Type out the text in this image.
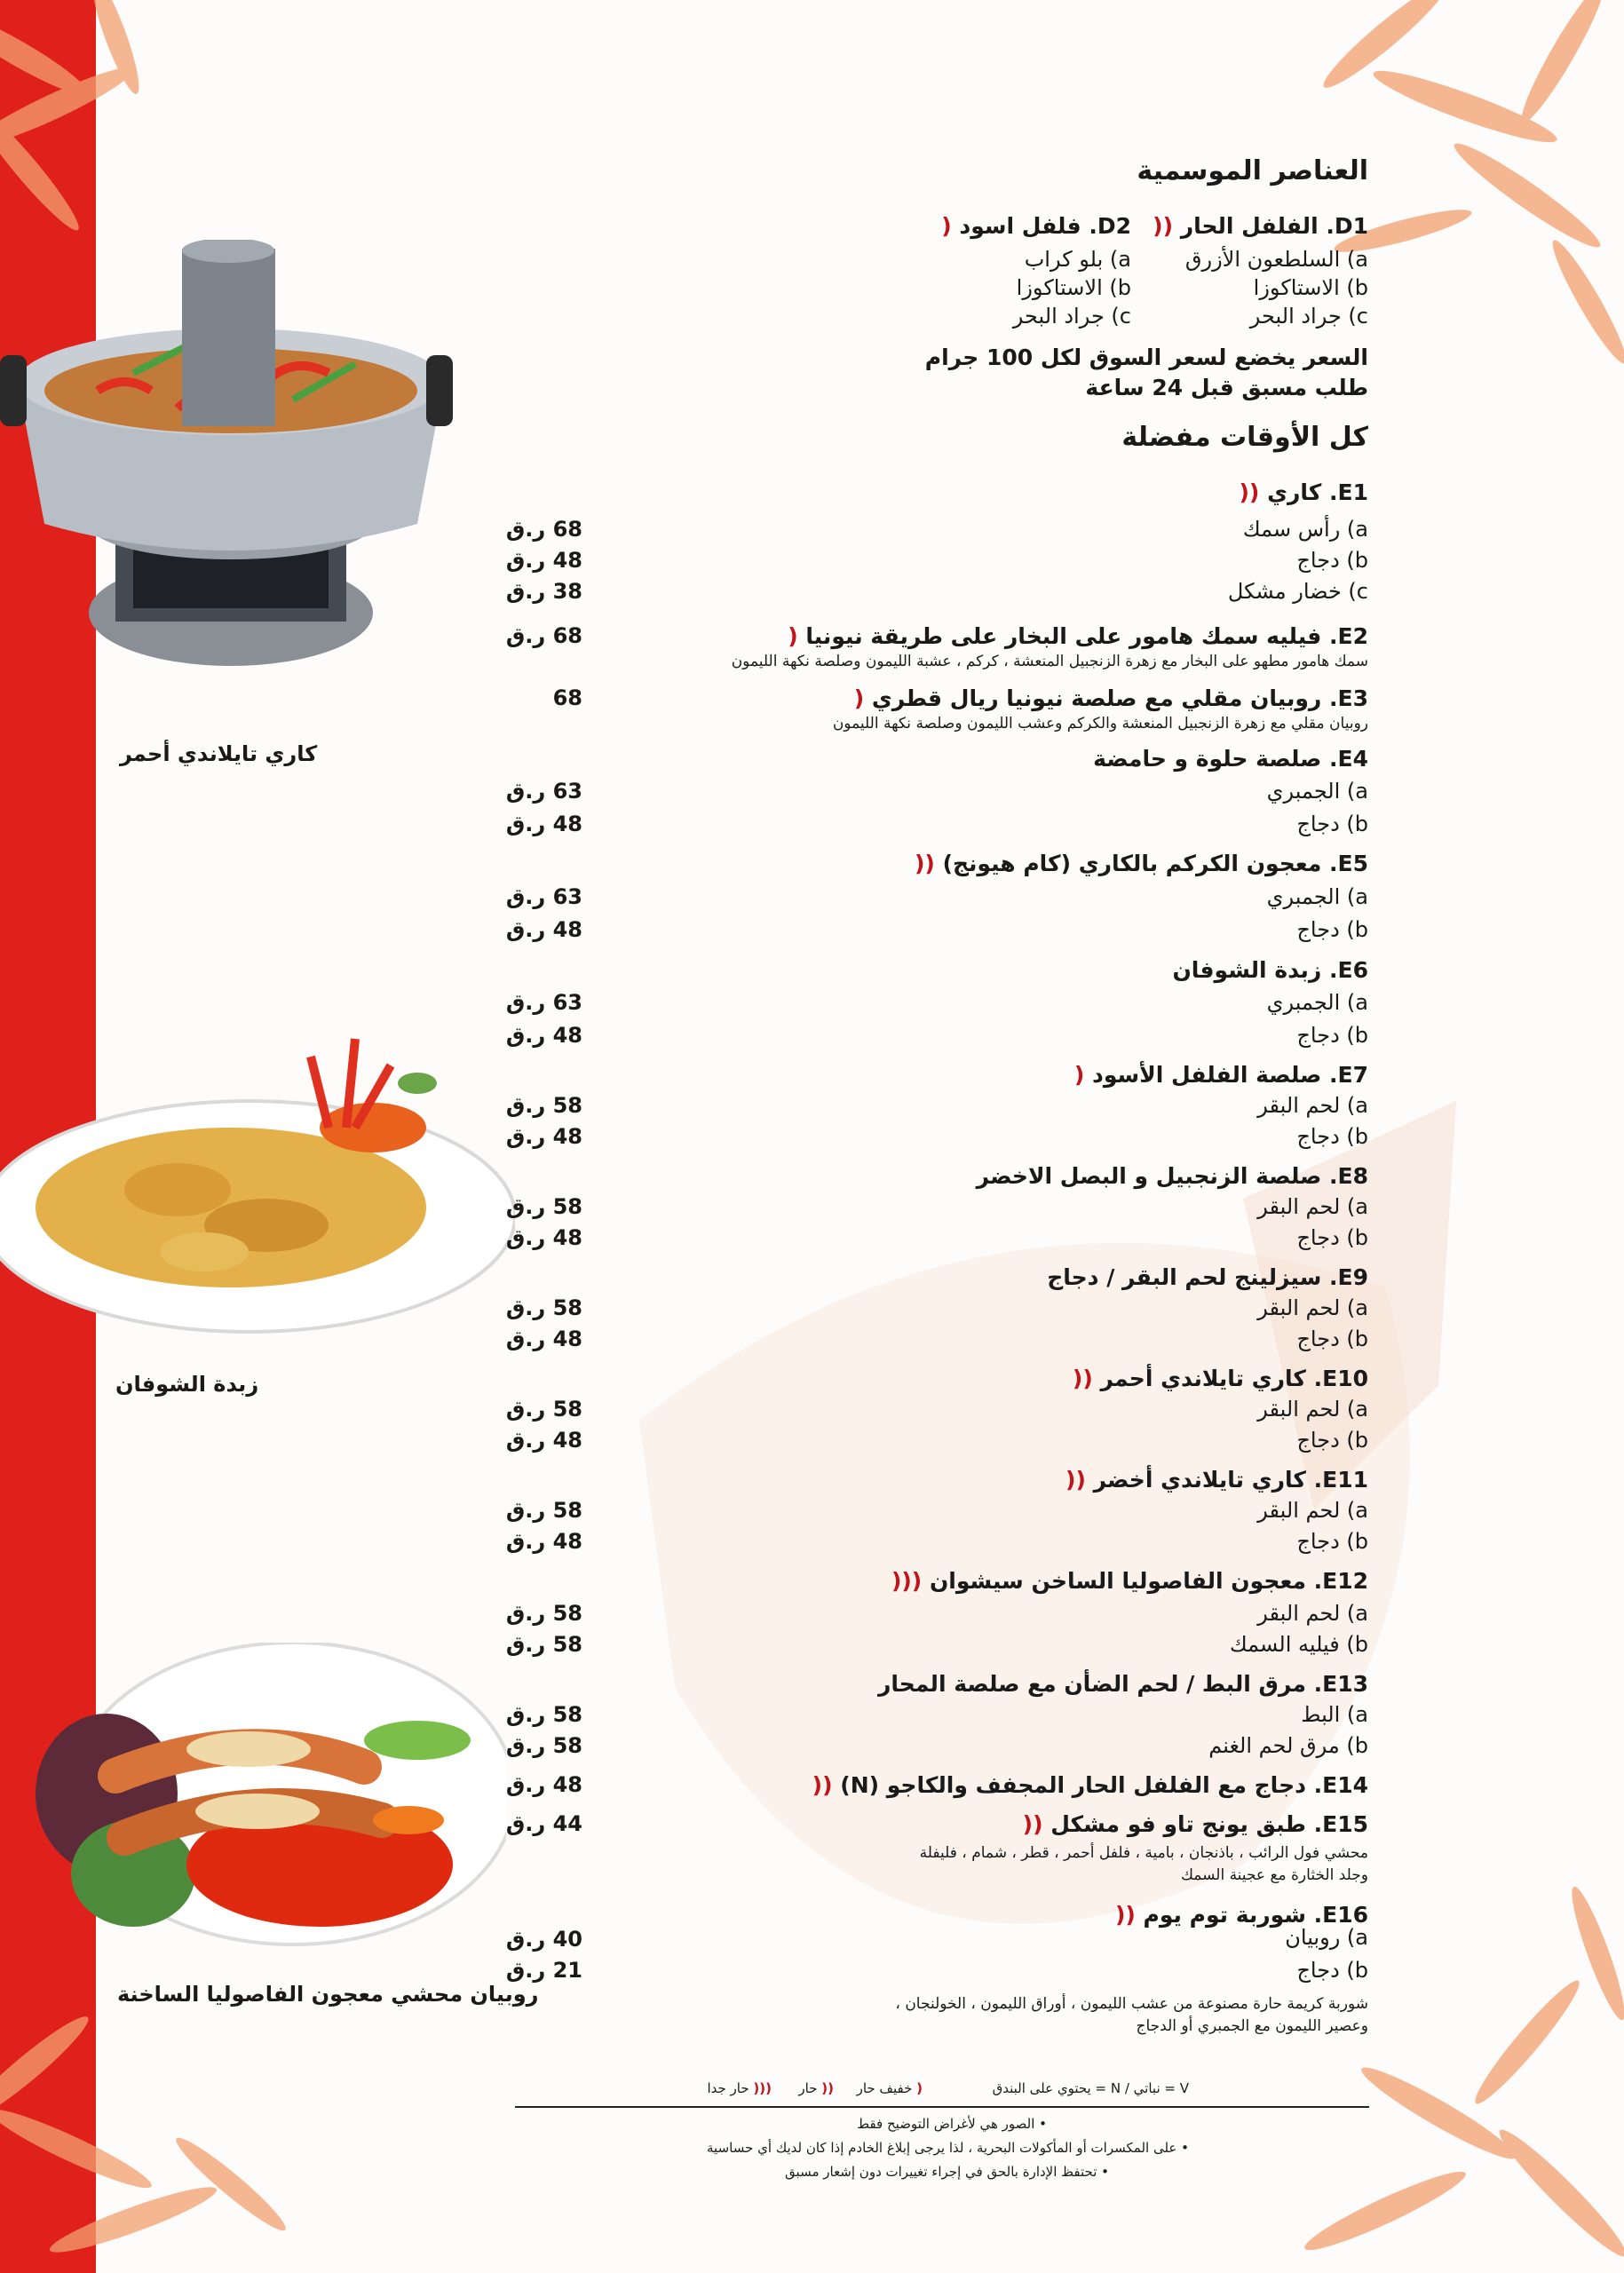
كاري تايلاندي أحمر
زبدة الشوفان
روبيان محشي معجون الفاصوليا الساخنة
العناصر الموسمية
D1. الفلفل الحار ((
a) السلطعون الأزرق
b) الاستاكوزا
c) جراد البحر
D2. فلفل اسود (
a) بلو كراب
b) الاستاكوزا
c) جراد البحر
السعر يخضع لسعر السوق لكل 100 جرام
طلب مسبق قبل 24 ساعة
كل الأوقات مفضلة
E1. كاري ((
a) رأس سمك
68 ر.ق
b) دجاج
48 ر.ق
c) خضار مشكل
38 ر.ق
E2. فيليه سمك هامور على البخار على طريقة نيونيا (
68 ر.ق
سمك هامور مطهو على البخار مع زهرة الزنجبيل المنعشة ، كركم ، عشبة الليمون وصلصة نكهة الليمون
E3. روبيان مقلي مع صلصة نيونيا ريال قطري (
68
روبيان مقلي مع زهرة الزنجبيل المنعشة والكركم وعشب الليمون وصلصة نكهة الليمون
E4. صلصة حلوة و حامضة
a) الجمبري
63 ر.ق
b) دجاج
48 ر.ق
E5. معجون الكركم بالكاري (كام هيونج) ((
a) الجمبري
63 ر.ق
b) دجاج
48 ر.ق
E6. زبدة الشوفان
a) الجمبري
63 ر.ق
b) دجاج
48 ر.ق
E7. صلصة الفلفل الأسود (
a) لحم البقر
58 ر.ق
b) دجاج
48 ر.ق
E8. صلصة الزنجبيل و البصل الاخضر
a) لحم البقر
58 ر.ق
b) دجاج
48 ر.ق
E9. سيزلينج لحم البقر / دجاج
a) لحم البقر
58 ر.ق
b) دجاج
48 ر.ق
E10. كاري تايلاندي أحمر ((
a) لحم البقر
58 ر.ق
b) دجاج
48 ر.ق
E11. كاري تايلاندي أخضر ((
a) لحم البقر
58 ر.ق
b) دجاج
48 ر.ق
E12. معجون الفاصوليا الساخن سيشوان (((
a) لحم البقر
58 ر.ق
b) فيليه السمك
58 ر.ق
E13. مرق البط / لحم الضأن مع صلصة المحار
a) البط
58 ر.ق
b) مرق لحم الغنم
58 ر.ق
E14. دجاج مع الفلفل الحار المجفف والكاجو (N) ((
48 ر.ق
E15. طبق يونج تاو فو مشكل ((
44 ر.ق
محشي فول الرائب ، باذنجان ، بامية ، فلفل أحمر ، قطر ، شمام ، فليفلة
وجلد الخثارة مع عجينة السمك
E16. شوربة توم يوم ((
a) روبيان
40 ر.ق
b) دجاج
21 ر.ق
شوربة كريمة حارة مصنوعة من عشب الليمون ، أوراق الليمون ، الخولنجان ،
وعصير الليمون مع الجمبري أو الدجاج
V = نباتي / N = يحتوي على البندق
( خفيف حار
(( حار
((( حار جدا
• الصور هي لأغراض التوضيح فقط
• على المكسرات أو المأكولات البحرية ، لذا يرجى إبلاغ الخادم إذا كان لديك أي حساسية
• تحتفظ الإدارة بالحق في إجراء تغييرات دون إشعار مسبق
